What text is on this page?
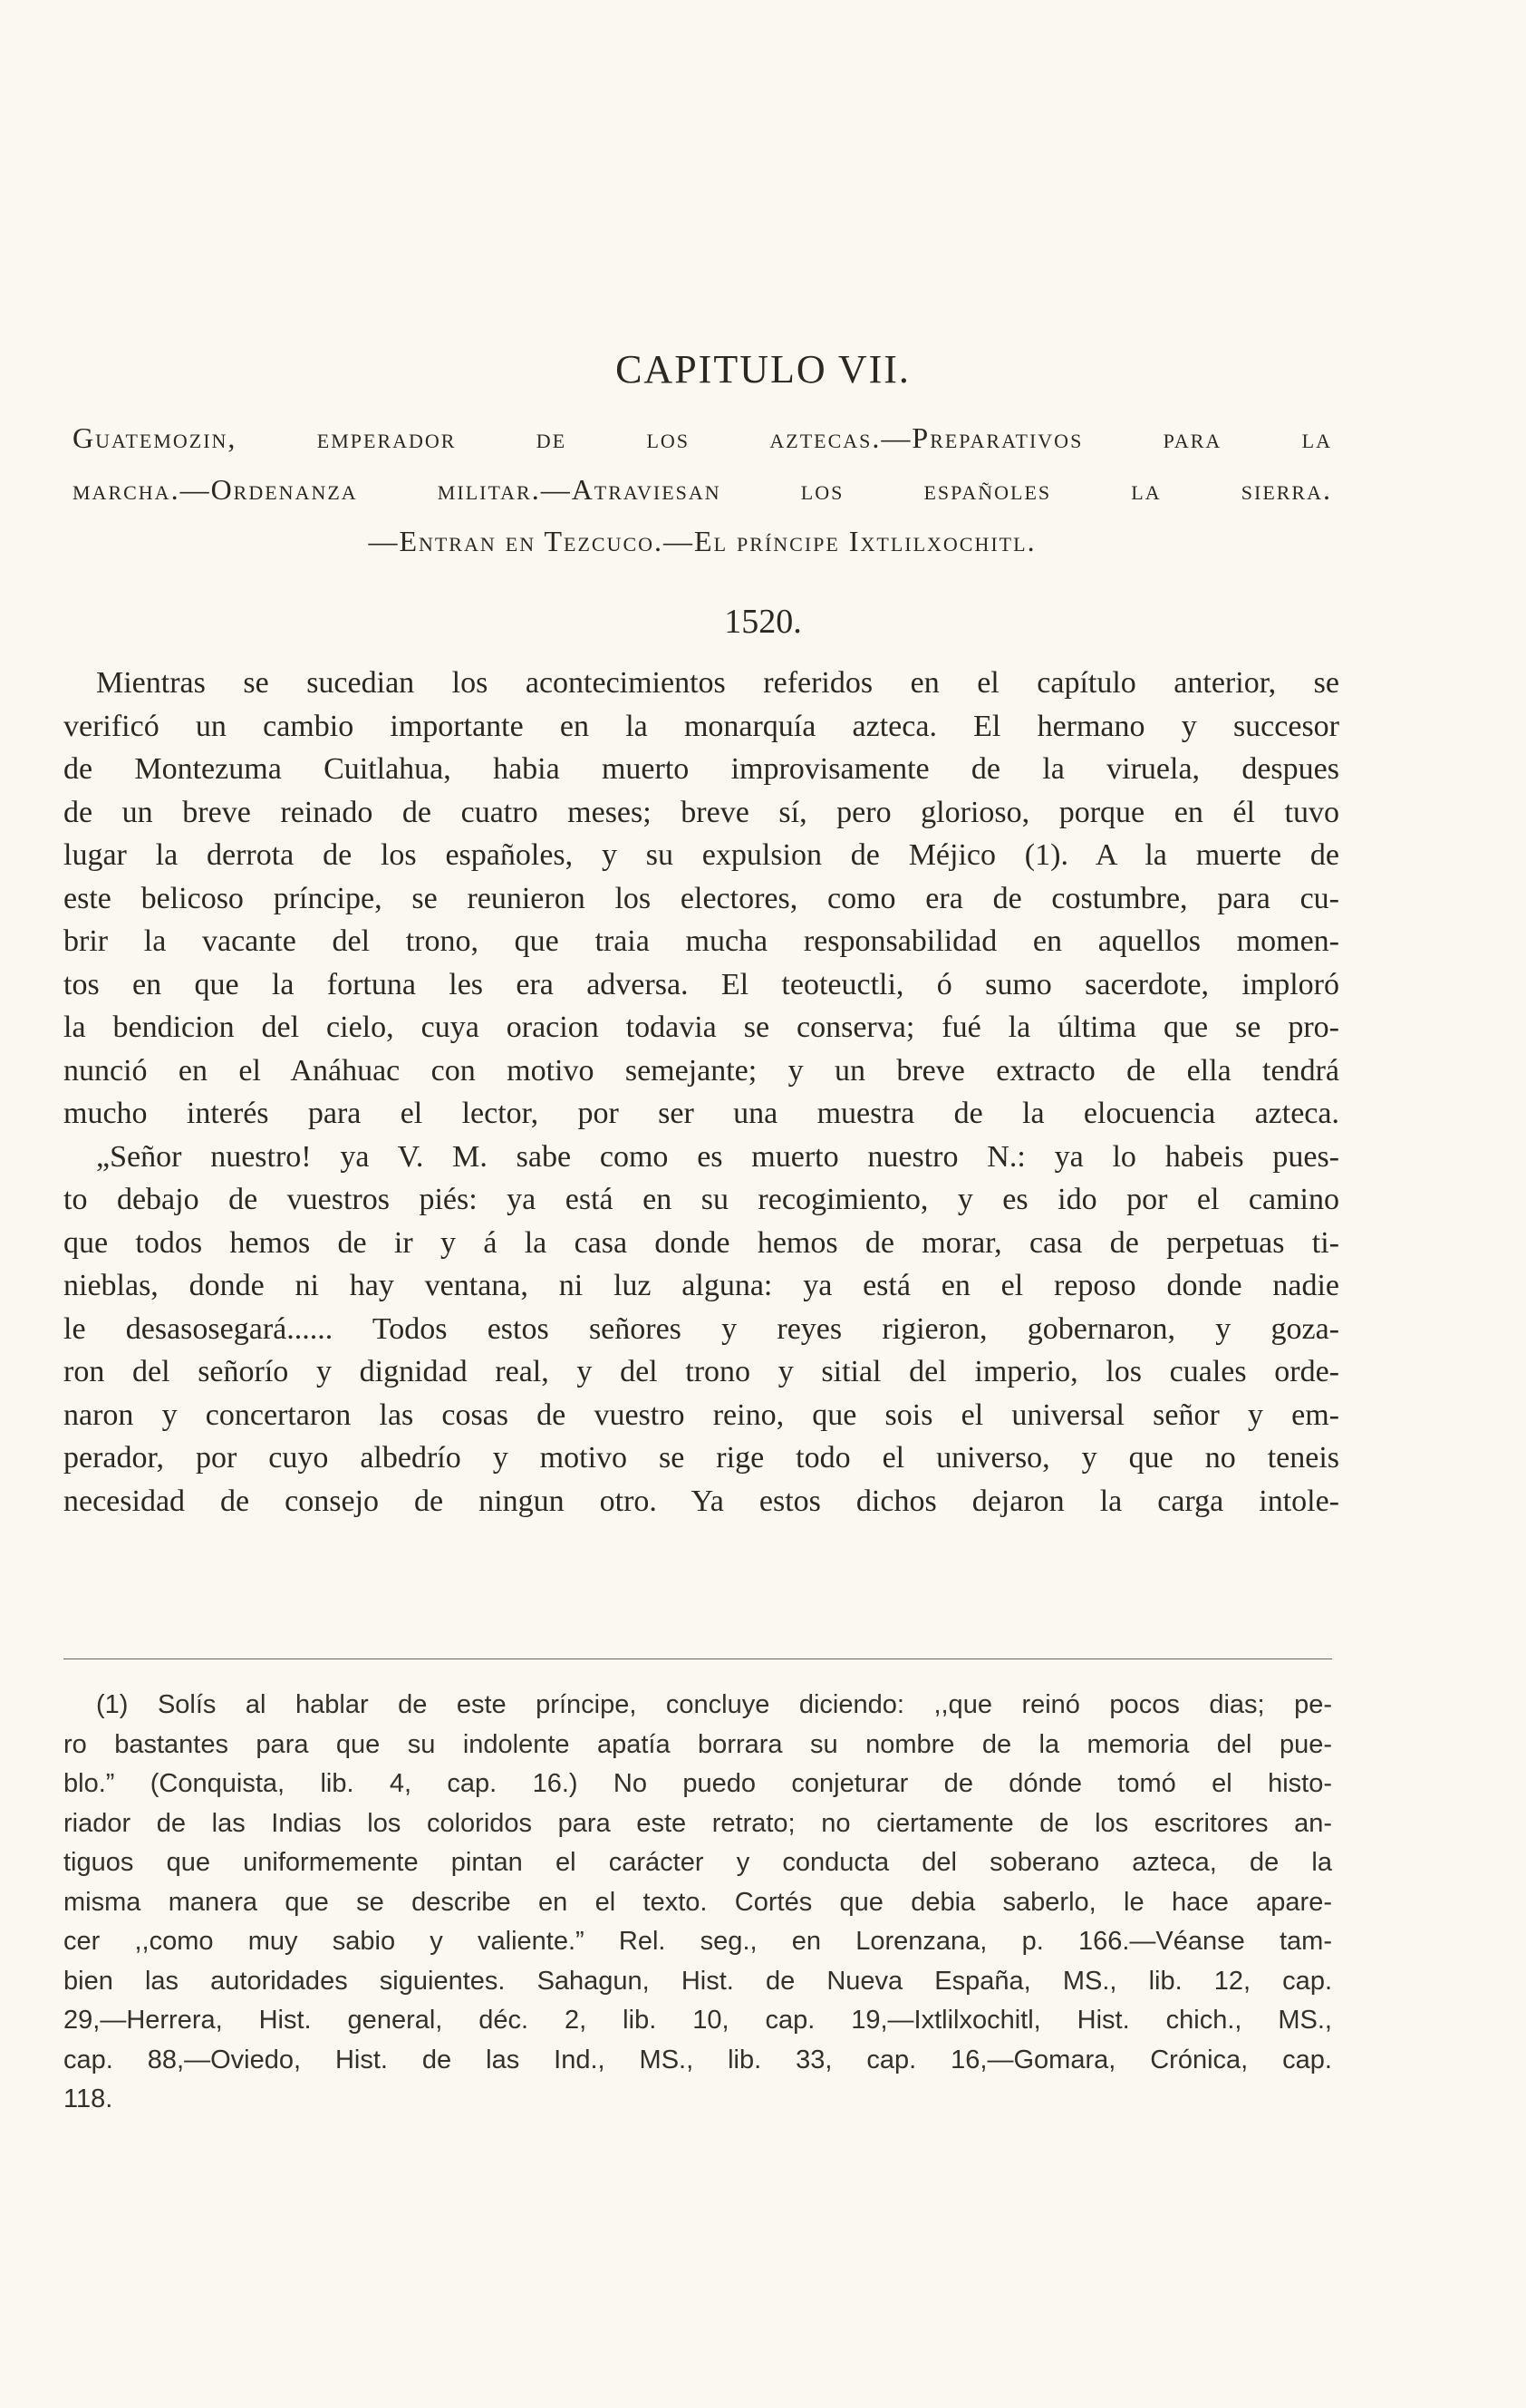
CAPITULO VII.
Guatemozin, emperador de los aztecas.—Preparativos para la
marcha.—Ordenanza militar.—Atraviesan los españoles la sierra.
—Entran en Tezcuco.—El príncipe Ixtlilxochitl.
1520.
Mientras se sucedian los acontecimientos referidos en el capítulo anterior, se
verificó un cambio importante en la monarquía azteca. El hermano y succesor
de Montezuma Cuitlahua, habia muerto improvisamente de la viruela, despues
de un breve reinado de cuatro meses; breve sí, pero glorioso, porque en él tuvo
lugar la derrota de los españoles, y su expulsion de Méjico (1). A la muerte de
este belicoso príncipe, se reunieron los electores, como era de costumbre, para cu-
brir la vacante del trono, que traia mucha responsabilidad en aquellos momen-
tos en que la fortuna les era adversa. El teoteuctli, ó sumo sacerdote, imploró
la bendicion del cielo, cuya oracion todavia se conserva; fué la última que se pro-
nunció en el Anáhuac con motivo semejante; y un breve extracto de ella tendrá
mucho interés para el lector, por ser una muestra de la elocuencia azteca.
„Señor nuestro! ya V. M. sabe como es muerto nuestro N.: ya lo habeis pues-
to debajo de vuestros piés: ya está en su recogimiento, y es ido por el camino
que todos hemos de ir y á la casa donde hemos de morar, casa de perpetuas ti-
nieblas, donde ni hay ventana, ni luz alguna: ya está en el reposo donde nadie
le desasosegará...... Todos estos señores y reyes rigieron, gobernaron, y goza-
ron del señorío y dignidad real, y del trono y sitial del imperio, los cuales orde-
naron y concertaron las cosas de vuestro reino, que sois el universal señor y em-
perador, por cuyo albedrío y motivo se rige todo el universo, y que no teneis
necesidad de consejo de ningun otro. Ya estos dichos dejaron la carga intole-
(1) Solís al hablar de este príncipe, concluye diciendo: ,,que reinó pocos dias; pe-
ro bastantes para que su indolente apatía borrara su nombre de la memoria del pue-
blo.” (Conquista, lib. 4, cap. 16.) No puedo conjeturar de dónde tomó el histo-
riador de las Indias los coloridos para este retrato; no ciertamente de los escritores an-
tiguos que uniformemente pintan el carácter y conducta del soberano azteca, de la
misma manera que se describe en el texto. Cortés que debia saberlo, le hace apare-
cer ,,como muy sabio y valiente.” Rel. seg., en Lorenzana, p. 166.—Véanse tam-
bien las autoridades siguientes. Sahagun, Hist. de Nueva España, MS., lib. 12, cap.
29,—Herrera, Hist. general, déc. 2, lib. 10, cap. 19,—Ixtlilxochitl, Hist. chich., MS.,
cap. 88,—Oviedo, Hist. de las Ind., MS., lib. 33, cap. 16,—Gomara, Crónica, cap.
118.
